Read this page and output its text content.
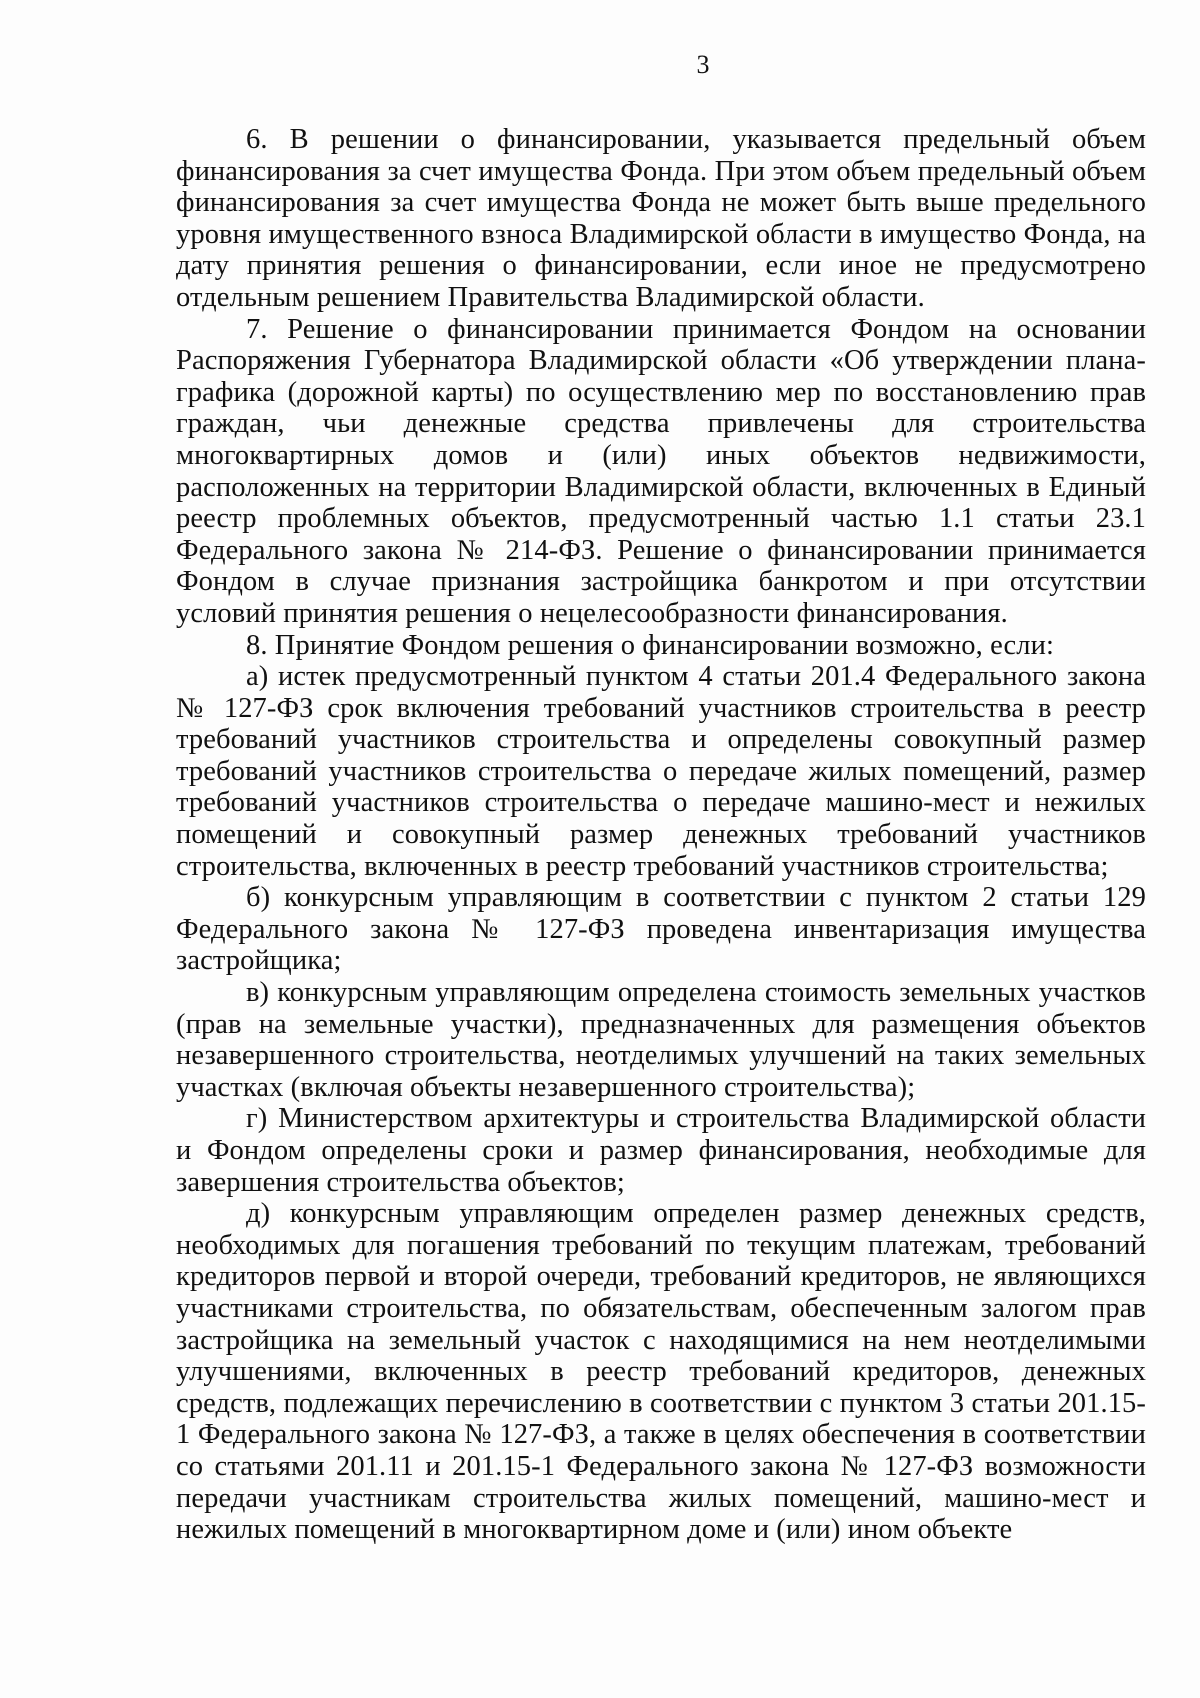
3

6. В решении о финансировании, указывается предельный объем финансирования за счет имущества Фонда. При этом объем предельный объем финансирования за счет имущества Фонда не может быть выше предельного уровня имущественного взноса Владимирской области в имущество Фонда, на дату принятия решения о финансировании, если иное не предусмотрено отдельным решением Правительства Владимирской области.

7. Решение о финансировании принимается Фондом на основании Распоряжения Губернатора Владимирской области «Об утверждении плана-графика (дорожной карты) по осуществлению мер по восстановлению прав граждан, чьи денежные средства привлечены для строительства многоквартирных домов и (или) иных объектов недвижимости, расположенных на территории Владимирской области, включенных в Единый реестр проблемных объектов, предусмотренный частью 1.1 статьи 23.1 Федерального закона № 214-ФЗ. Решение о финансировании принимается Фондом в случае признания застройщика банкротом и при отсутствии условий принятия решения о нецелесообразности финансирования.

8. Принятие Фондом решения о финансировании возможно, если:

а) истек предусмотренный пунктом 4 статьи 201.4 Федерального закона № 127-ФЗ срок включения требований участников строительства в реестр требований участников строительства и определены совокупный размер требований участников строительства о передаче жилых помещений, размер требований участников строительства о передаче машино-мест и нежилых помещений и совокупный размер денежных требований участников строительства, включенных в реестр требований участников строительства;

б) конкурсным управляющим в соответствии с пунктом 2 статьи 129 Федерального закона № 127-ФЗ проведена инвентаризация имущества застройщика;

в) конкурсным управляющим определена стоимость земельных участков (прав на земельные участки), предназначенных для размещения объектов незавершенного строительства, неотделимых улучшений на таких земельных участках (включая объекты незавершенного строительства);

г) Министерством архитектуры и строительства Владимирской области и Фондом определены сроки и размер финансирования, необходимые для завершения строительства объектов;

д) конкурсным управляющим определен размер денежных средств, необходимых для погашения требований по текущим платежам, требований кредиторов первой и второй очереди, требований кредиторов, не являющихся участниками строительства, по обязательствам, обеспеченным залогом прав застройщика на земельный участок с находящимися на нем неотделимыми улучшениями, включенных в реестр требований кредиторов, денежных средств, подлежащих перечислению в соответствии с пунктом 3 статьи 201.15-1 Федерального закона № 127-ФЗ, а также в целях обеспечения в соответствии со статьями 201.11 и 201.15-1 Федерального закона № 127-ФЗ возможности передачи участникам строительства жилых помещений, машино-мест и нежилых помещений в многоквартирном доме и (или) ином объекте
